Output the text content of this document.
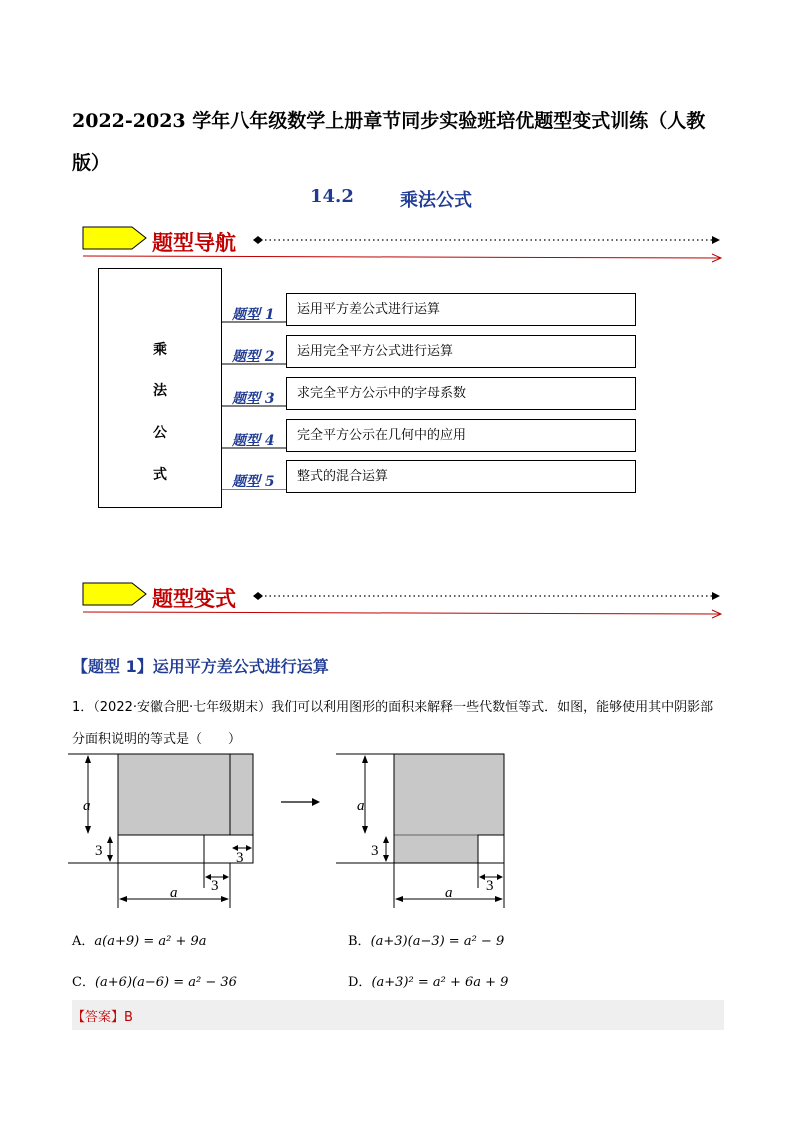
2022-2023 学年八年级数学上册章节同步实验班培优题型变式训练（人教版）
14.2	乘法公式
题型导航
乘
法
公
式
题型 1	运用平方差公式进行运算
题型 2	运用完全平方公式进行运算
题型 3	求完全平方公示中的字母系数
题型 4	完全平方公示在几何中的应用
题型 5	整式的混合运算
题型变式
【题型 1】运用平方差公式进行运算
1．（2022·安徽合肥·七年级期末）我们可以利用图形的面积来解释一些代数恒等式．如图，能够使用其中阴影部分面积说明的等式是（　　）
a
3
a 3
3
a
3
a 3
A．a(a+9) = a² + 9a	B．(a+3)(a−3) = a² − 9
C．(a+6)(a−6) = a² − 36	D．(a+3)² = a² + 6a + 9
【答案】B
